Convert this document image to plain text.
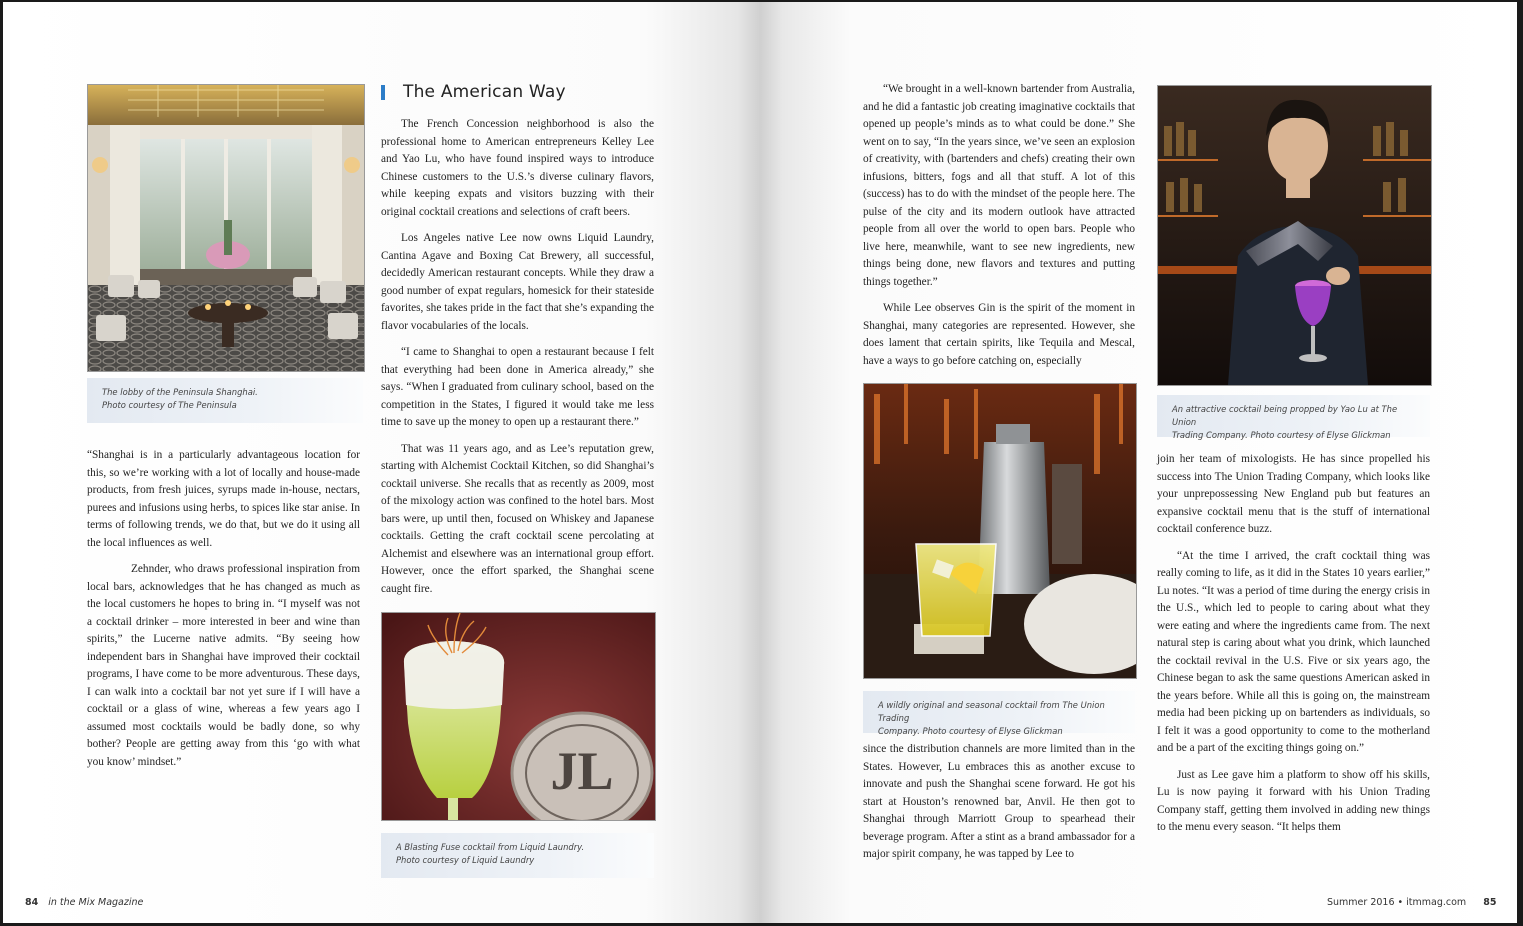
The lobby of the Peninsula Shanghai.
Photo courtesy of The Peninsula

“Shanghai is in a particularly advantageous location for this, so we’re working with a lot of locally and house-made products, from fresh juices, syrups made in-house, nectars, purees and infusions using herbs, to spices like star anise. In terms of following trends, we do that, but we do it using all the local influences as well.

Zehnder, who draws professional inspiration from local bars, acknowledges that he has changed as much as the local customers he hopes to bring in. “I myself was not a cocktail drinker – more interested in beer and wine than spirits,” the Lucerne native admits. “By seeing how independent bars in Shanghai have improved their cocktail programs, I have come to be more adventurous. These days, I can walk into a cocktail bar not yet sure if I will have a cocktail or a glass of wine, whereas a few years ago I assumed most cocktails would be badly done, so why bother? People are getting away from this ‘go with what you know’ mindset.”

The American Way

The French Concession neighborhood is also the professional home to American entrepreneurs Kelley Lee and Yao Lu, who have found inspired ways to introduce Chinese customers to the U.S.’s diverse culinary flavors, while keeping expats and visitors buzzing with their original cocktail creations and selections of craft beers.

Los Angeles native Lee now owns Liquid Laundry, Cantina Agave and Boxing Cat Brewery, all successful, decidedly American restaurant concepts. While they draw a good number of expat regulars, homesick for their stateside favorites, she takes pride in the fact that she’s expanding the flavor vocabularies of the locals.

“I came to Shanghai to open a restaurant because I felt that everything had been done in America already,” she says. “When I graduated from culinary school, based on the competition in the States, I figured it would take me less time to save up the money to open up a restaurant there.”

That was 11 years ago, and as Lee’s reputation grew, starting with Alchemist Cocktail Kitchen, so did Shanghai’s cocktail universe. She recalls that as recently as 2009, most of the mixology action was confined to the hotel bars. Most bars were, up until then, focused on Whiskey and Japanese cocktails. Getting the craft cocktail scene percolating at Alchemist and elsewhere was an international group effort. However, once the effort sparked, the Shanghai scene caught fire.

JL
A Blasting Fuse cocktail from Liquid Laundry.
Photo courtesy of Liquid Laundry
84 in the Mix Magazine

“We brought in a well-known bartender from Australia, and he did a fantastic job creating imaginative cocktails that opened up people’s minds as to what could be done.” She went on to say, “In the years since, we’ve seen an explosion of creativity, with (bartenders and chefs) creating their own infusions, bitters, fogs and all that stuff. A lot of this (success) has to do with the mindset of the people here. The pulse of the city and its modern outlook have attracted people from all over the world to open bars. People who live here, meanwhile, want to see new ingredients, new things being done, new flavors and textures and putting things together.”

While Lee observes Gin is the spirit of the moment in Shanghai, many categories are represented. However, she does lament that certain spirits, like Tequila and Mescal, have a ways to go before catching on, especially

A wildly original and seasonal cocktail from The Union Trading
Company. Photo courtesy of Elyse Glickman

since the distribution channels are more limited than in the States. However, Lu embraces this as another excuse to innovate and push the Shanghai scene forward. He got his start at Houston’s renowned bar, Anvil. He then got to Shanghai through Marriott Group to spearhead their beverage program. After a stint as a brand ambassador for a major spirit company, he was tapped by Lee to

An attractive cocktail being propped by Yao Lu at The Union
Trading Company. Photo courtesy of Elyse Glickman

join her team of mixologists. He has since propelled his success into The Union Trading Company, which looks like your unprepossessing New England pub but features an expansive cocktail menu that is the stuff of international cocktail conference buzz.

“At the time I arrived, the craft cocktail thing was really coming to life, as it did in the States 10 years earlier,” Lu notes. “It was a period of time during the energy crisis in the U.S., which led to people to caring about what they were eating and where the ingredients came from. The next natural step is caring about what you drink, which launched the cocktail revival in the U.S. Five or six years ago, the Chinese began to ask the same questions American asked in the years before. While all this is going on, the mainstream media had been picking up on bartenders as individuals, so I felt it was a good opportunity to come to the motherland and be a part of the exciting things going on.”

Just as Lee gave him a platform to show off his skills, Lu is now paying it forward with his Union Trading Company staff, getting them involved in adding new things to the menu every season. “It helps them

Summer 2016 • itmmag.com 85
